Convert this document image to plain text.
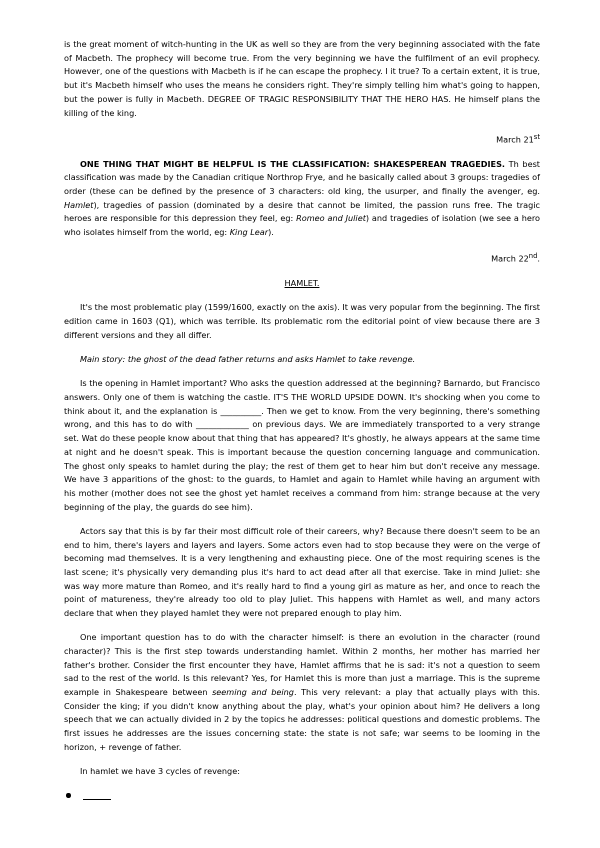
is the great moment of witch-hunting in the UK as well so they are from the very beginning associated with the fate of Macbeth. The prophecy will become true. From the very beginning we have the fulfilment of an evil prophecy. However, one of the questions with Macbeth is if he can escape the prophecy. I it true? To a certain extent, it is true, but it's Macbeth himself who uses the means he considers right. They're simply telling him what's going to happen, but the power is fully in Macbeth. DEGREE OF TRAGIC RESPONSIBILITY THAT THE HERO HAS. He himself plans the killing of the king.

March 21st

ONE THING THAT MIGHT BE HELPFUL IS THE CLASSIFICATION: SHAKESPEREAN TRAGEDIES. Th best classification was made by the Canadian critique Northrop Frye, and he basically called about 3 groups: tragedies of order (these can be defined by the presence of 3 characters: old king, the usurper, and finally the avenger, eg. Hamlet), tragedies of passion (dominated by a desire that cannot be limited, the passion runs free. The tragic heroes are responsible for this depression they feel, eg: Romeo and Juliet) and tragedies of isolation (we see a hero who isolates himself from the world, eg: King Lear).

March 22nd.

HAMLET.

It's the most problematic play (1599/1600, exactly on the axis). It was very popular from the beginning. The first edition came in 1603 (Q1), which was terrible. Its problematic rom the editorial point of view because there are 3 different versions and they all differ.

Main story: the ghost of the dead father returns and asks Hamlet to take revenge.

Is the opening in Hamlet important? Who asks the question addressed at the beginning? Barnardo, but Francisco answers. Only one of them is watching the castle. IT'S THE WORLD UPSIDE DOWN. It's shocking when you come to think about it, and the explanation is __________. Then we get to know. From the very beginning, there's something wrong, and this has to do with _____________ on previous days. We are immediately transported to a very strange set. Wat do these people know about that thing that has appeared? It's ghostly, he always appears at the same time at night and he doesn't speak. This is important because the question concerning language and communication. The ghost only speaks to hamlet during the play; the rest of them get to hear him but don't receive any message. We have 3 apparitions of the ghost: to the guards, to Hamlet and again to Hamlet while having an argument with his mother (mother does not see the ghost yet hamlet receives a command from him: strange because at the very beginning of the play, the guards do see him).

Actors say that this is by far their most difficult role of their careers, why? Because there doesn't seem to be an end to him, there's layers and layers and layers. Some actors even had to stop because they were on the verge of becoming mad themselves. It is a very lengthening and exhausting piece. One of the most requiring scenes is the last scene; it's physically very demanding plus it's hard to act dead after all that exercise. Take in mind Juliet: she was way more mature than Romeo, and it's really hard to find a young girl as mature as her, and once to reach the point of matureness, they're already too old to play Juliet. This happens with Hamlet as well, and many actors declare that when they played hamlet they were not prepared enough to play him.

One important question has to do with the character himself: is there an evolution in the character (round character)? This is the first step towards understanding hamlet. Within 2 months, her mother has married her father's brother. Consider the first encounter they have, Hamlet affirms that he is sad: it's not a question to seem sad to the rest of the world. Is this relevant? Yes, for Hamlet this is more than just a marriage. This is the supreme example in Shakespeare between seeming and being. This very relevant: a play that actually plays with this. Consider the king; if you didn't know anything about the play, what's your opinion about him? He delivers a long speech that we can actually divided in 2 by the topics he addresses: political questions and domestic problems. The first issues he addresses are the issues concerning state: the state is not safe; war seems to be looming in the horizon, + revenge of father.

In hamlet we have 3 cycles of revenge:
